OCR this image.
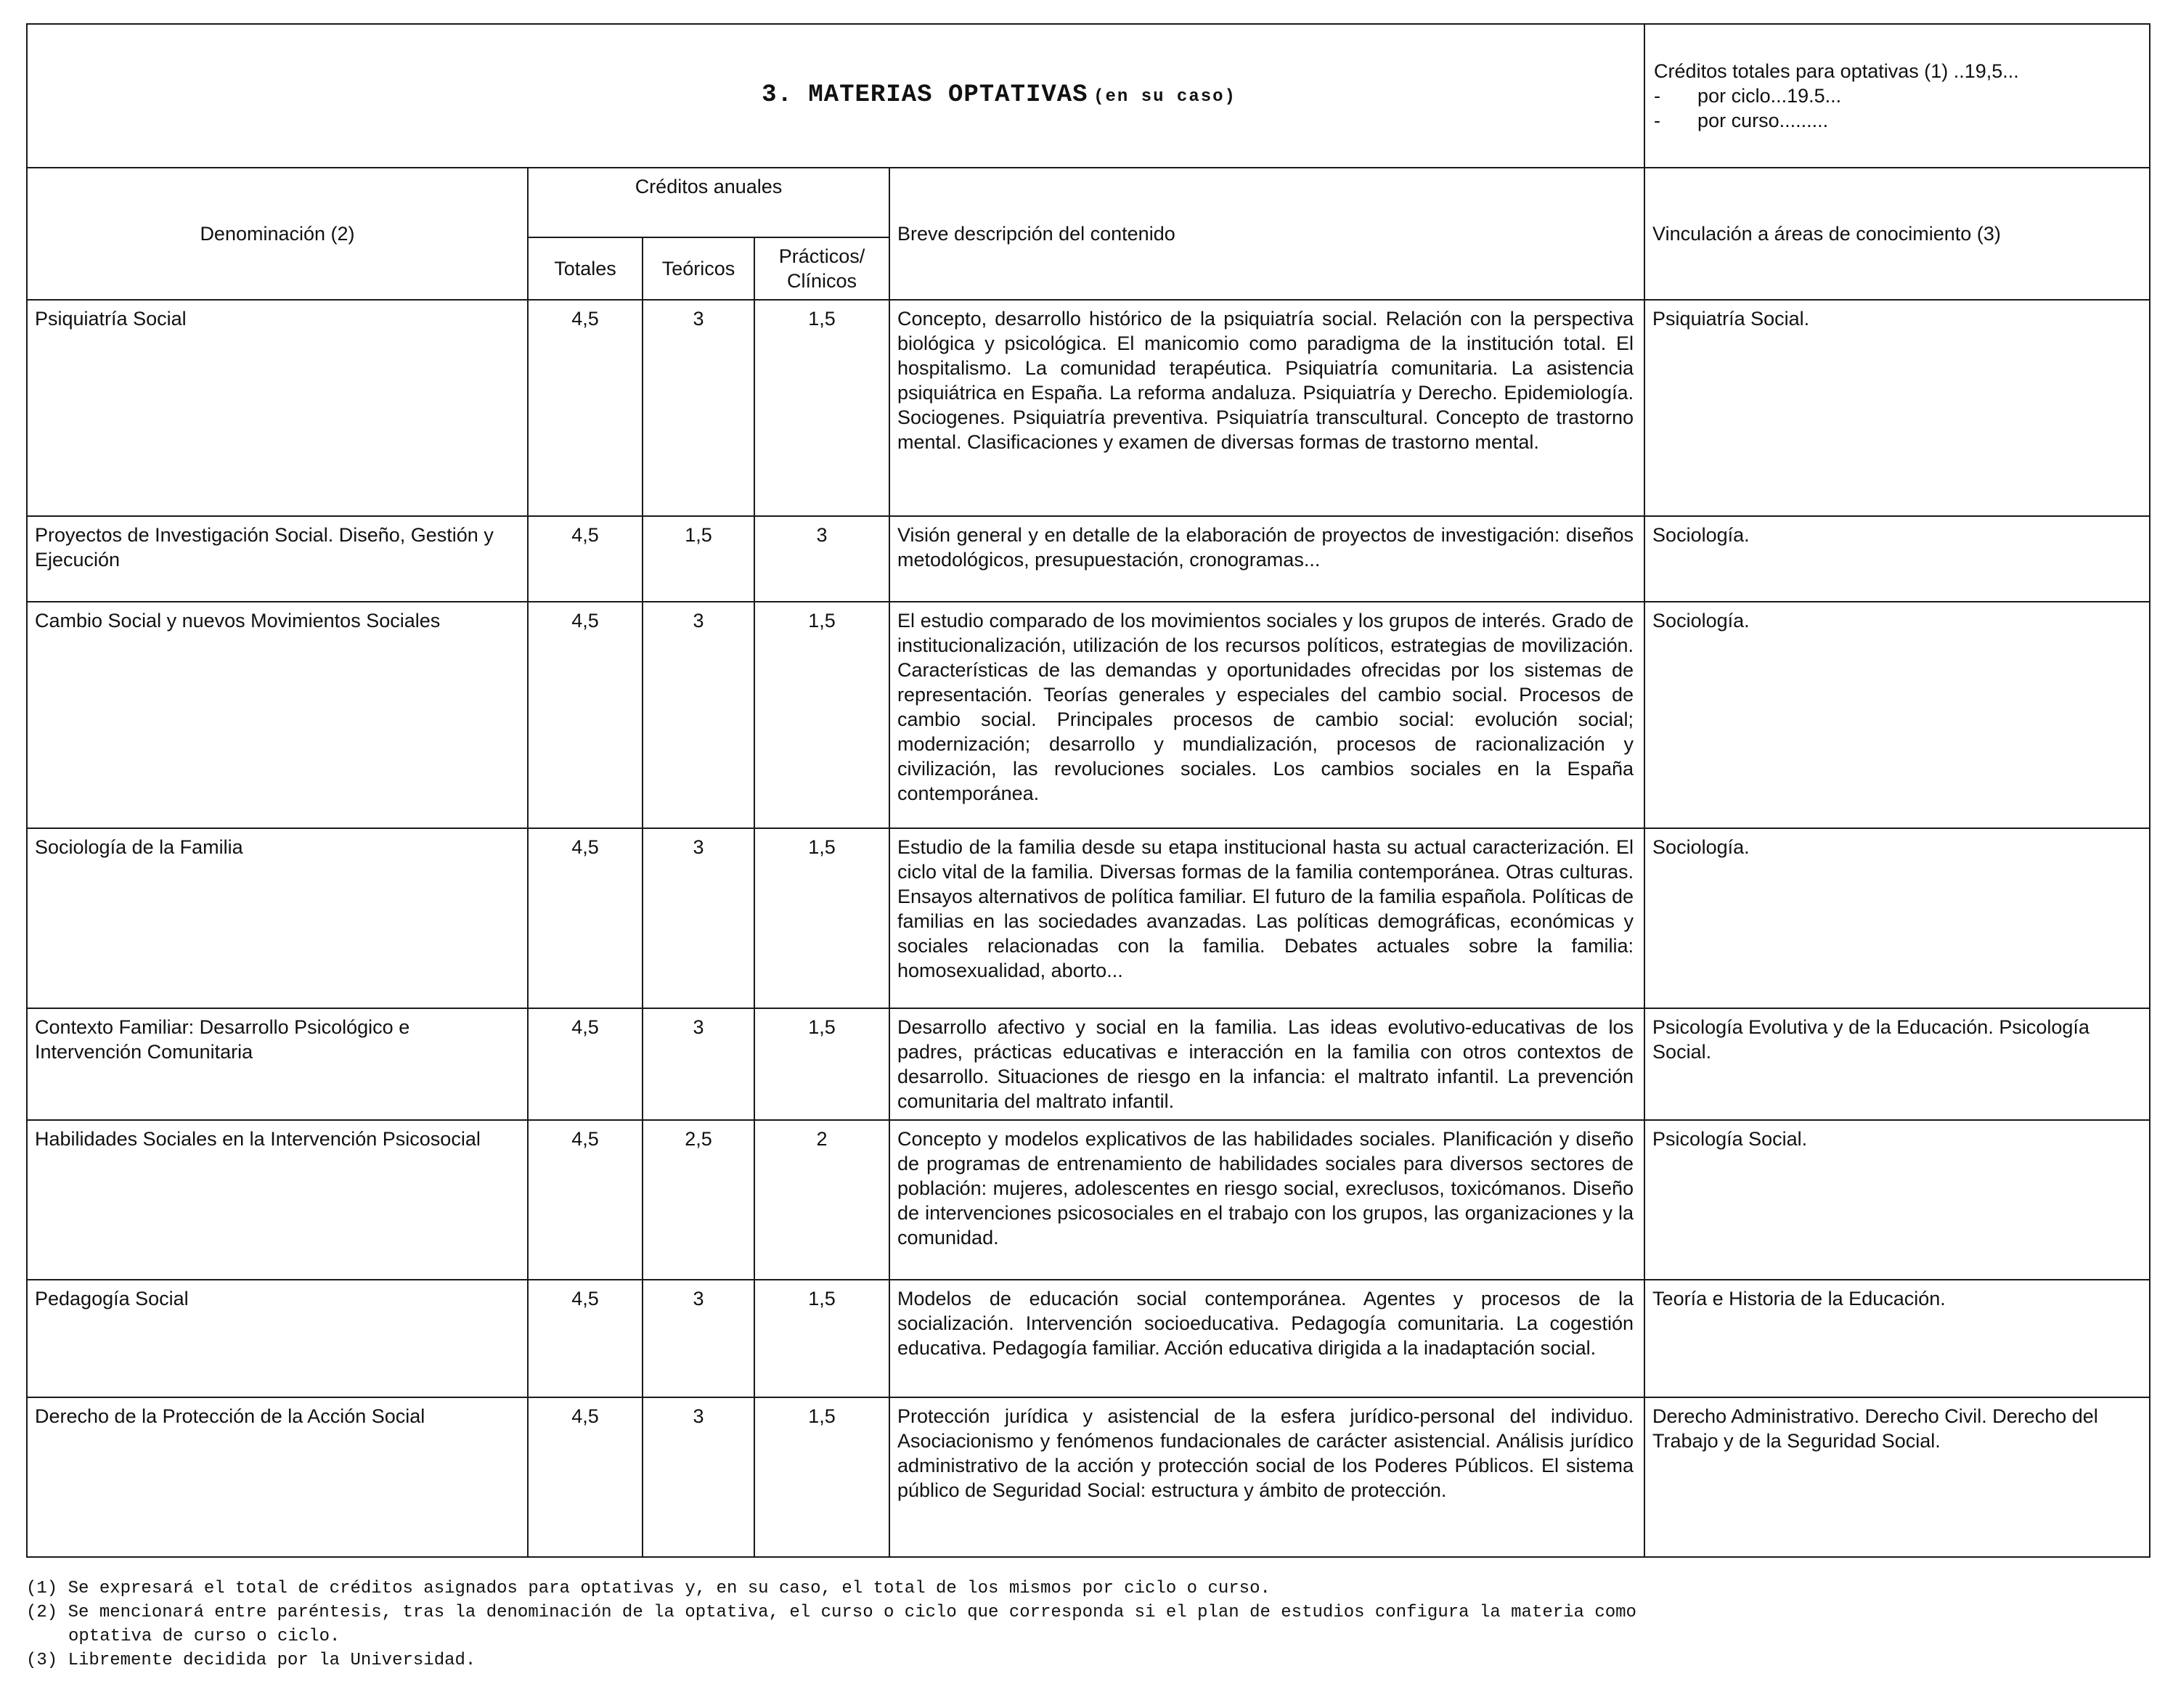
3. MATERIAS OPTATIVAS (en su caso)					Créditos totales para optativas (1) ..19,5...
- por ciclo...19.5...
- por curso.........

Denominación (2)	Créditos anuales			Breve descripción del contenido	Vinculación a áreas de conocimiento (3)
	Totales	Teóricos	Prácticos/ Clínicos		
Psiquiatría Social	4,5	3	1,5	Concepto, desarrollo histórico de la psiquiatría social. Relación con la perspectiva biológica y psicológica. El manicomio como paradigma de la institución total. El hospitalismo. La comunidad terapéutica. Psiquiatría comunitaria. La asistencia psiquiátrica en España. La reforma andaluza. Psiquiatría y Derecho. Epidemiología. Sociogenes. Psiquiatría preventiva. Psiquiatría transcultural. Concepto de trastorno mental. Clasificaciones y examen de diversas formas de trastorno mental.	Psiquiatría Social.
Proyectos de Investigación Social. Diseño, Gestión y Ejecución	4,5	1,5	3	Visión general y en detalle de la elaboración de proyectos de investigación: diseños metodológicos, presupuestación, cronogramas...	Sociología.
Cambio Social y nuevos Movimientos Sociales	4,5	3	1,5	El estudio comparado de los movimientos sociales y los grupos de interés. Grado de institucionalización, utilización de los recursos políticos, estrategias de movilización. Características de las demandas y oportunidades ofrecidas por los sistemas de representación. Teorías generales y especiales del cambio social. Procesos de cambio social. Principales procesos de cambio social: evolución social; modernización; desarrollo y mundialización, procesos de racionalización y civilización, las revoluciones sociales. Los cambios sociales en la España contemporánea.	Sociología.
Sociología de la Familia	4,5	3	1,5	Estudio de la familia desde su etapa institucional hasta su actual caracterización. El ciclo vital de la familia. Diversas formas de la familia contemporánea. Otras culturas. Ensayos alternativos de política familiar. El futuro de la familia española. Políticas de familias en las sociedades avanzadas. Las políticas demográficas, económicas y sociales relacionadas con la familia. Debates actuales sobre la familia: homosexualidad, aborto...	Sociología.
Contexto Familiar: Desarrollo Psicológico e Intervención Comunitaria	4,5	3	1,5	Desarrollo afectivo y social en la familia. Las ideas evolutivo-educativas de los padres, prácticas educativas e interacción en la familia con otros contextos de desarrollo. Situaciones de riesgo en la infancia: el maltrato infantil. La prevención comunitaria del maltrato infantil.	Psicología Evolutiva y de la Educación. Psicología Social.
Habilidades Sociales en la Intervención Psicosocial	4,5	2,5	2	Concepto y modelos explicativos de las habilidades sociales. Planificación y diseño de programas de entrenamiento de habilidades sociales para diversos sectores de población: mujeres, adolescentes en riesgo social, exreclusos, toxicómanos. Diseño de intervenciones psicosociales en el trabajo con los grupos, las organizaciones y la comunidad.	Psicología Social.
Pedagogía Social	4,5	3	1,5	Modelos de educación social contemporánea. Agentes y procesos de la socialización. Intervención socioeducativa. Pedagogía comunitaria. La cogestión educativa. Pedagogía familiar. Acción educativa dirigida a la inadaptación social.	Teoría e Historia de la Educación.
Derecho de la Protección de la Acción Social	4,5	3	1,5	Protección jurídica y asistencial de la esfera jurídico-personal del individuo. Asociacionismo y fenómenos fundacionales de carácter asistencial. Análisis jurídico administrativo de la acción y protección social de los Poderes Públicos. El sistema público de Seguridad Social: estructura y ámbito de protección.	Derecho Administrativo. Derecho Civil. Derecho del Trabajo y de la Seguridad Social.
(1) Se expresará el total de créditos asignados para optativas y, en su caso, el total de los mismos por ciclo o curso.
(2) Se mencionará entre paréntesis, tras la denominación de la optativa, el curso o ciclo que corresponda si el plan de estudios configura la materia como
optativa de curso o ciclo.
(3) Libremente decidida por la Universidad.
